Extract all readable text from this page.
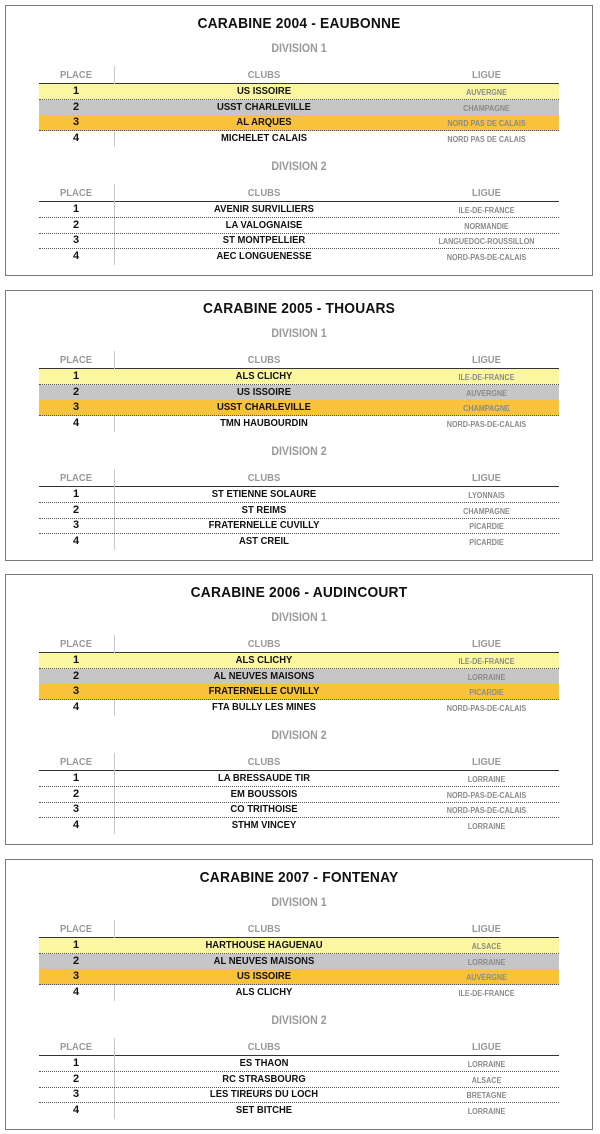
CARABINE 2004 - EAUBONNE
DIVISION 1
PLACE	CLUBS	LIGUE
1	US ISSOIRE	AUVERGNE
2	USST CHARLEVILLE	CHAMPAGNE
3	AL ARQUES	NORD PAS DE CALAIS
4	MICHELET CALAIS	NORD PAS DE CALAIS
DIVISION 2
PLACE	CLUBS	LIGUE
1	AVENIR SURVILLIERS	ILE-DE-FRANCE
2	LA VALOGNAISE	NORMANDIE
3	ST MONTPELLIER	LANGUEDOC-ROUSSILLON
4	AEC LONGUENESSE	NORD-PAS-DE-CALAIS
CARABINE 2005 - THOUARS
DIVISION 1
PLACE	CLUBS	LIGUE
1	ALS CLICHY	ILE-DE-FRANCE
2	US ISSOIRE	AUVERGNE
3	USST CHARLEVILLE	CHAMPAGNE
4	TMN HAUBOURDIN	NORD-PAS-DE-CALAIS
DIVISION 2
PLACE	CLUBS	LIGUE
1	ST ETIENNE SOLAURE	LYONNAIS
2	ST REIMS	CHAMPAGNE
3	FRATERNELLE CUVILLY	PICARDIE
4	AST CREIL	PICARDIE
CARABINE 2006 - AUDINCOURT
DIVISION 1
PLACE	CLUBS	LIGUE
1	ALS CLICHY	ILE-DE-FRANCE
2	AL NEUVES MAISONS	LORRAINE
3	FRATERNELLE CUVILLY	PICARDIE
4	FTA BULLY LES MINES	NORD-PAS-DE-CALAIS
DIVISION 2
PLACE	CLUBS	LIGUE
1	LA BRESSAUDE TIR	LORRAINE
2	EM BOUSSOIS	NORD-PAS-DE-CALAIS
3	CO TRITHOISE	NORD-PAS-DE-CALAIS
4	STHM VINCEY	LORRAINE
CARABINE 2007 - FONTENAY
DIVISION 1
PLACE	CLUBS	LIGUE
1	HARTHOUSE HAGUENAU	ALSACE
2	AL NEUVES MAISONS	LORRAINE
3	US ISSOIRE	AUVERGNE
4	ALS CLICHY	ILE-DE-FRANCE
DIVISION 2
PLACE	CLUBS	LIGUE
1	ES THAON	LORRAINE
2	RC STRASBOURG	ALSACE
3	LES TIREURS DU LOCH	BRETAGNE
4	SET BITCHE	LORRAINE
